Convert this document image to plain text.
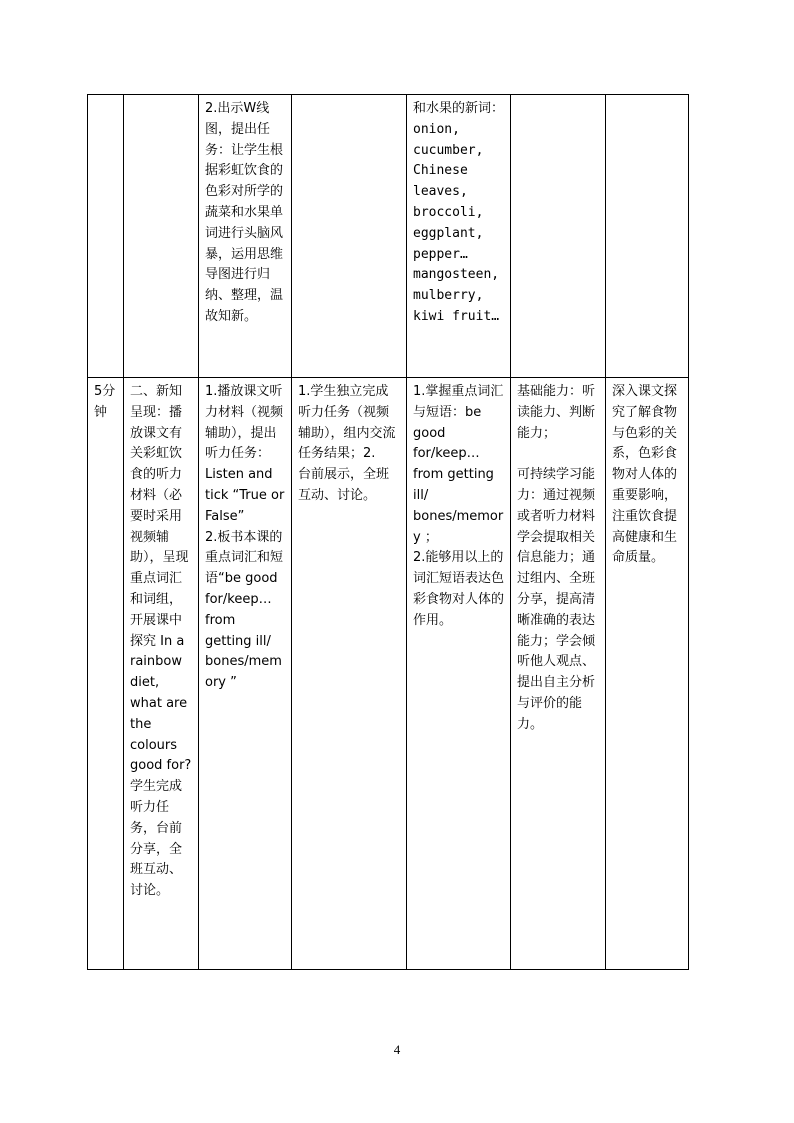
		2.出示W线图，提出任务：让学生根据彩虹饮食的色彩对所学的蔬菜和水果单词进行头脑风暴，运用思维导图进行归纳、整理，温故知新。		和水果的新词：onion, cucumber, Chinese leaves, broccoli, eggplant, pepper… mangosteen, mulberry, kiwi fruit…		

5分钟	二、新知呈现：播放课文有关彩虹饮食的听力材料（必要时采用视频辅助），呈现重点词汇和词组，开展课中探究 In a rainbow diet, what are the colours good for? 学生完成听力任务，台前分享，全班互动、讨论。	1.播放课文听力材料（视频辅助），提出听力任务：Listen and tick “True or False”
2.板书本课的重点词汇和短语“be good for/keep…from getting ill/ bones/memory ”	1.学生独立完成听力任务（视频辅助），组内交流任务结果；2.　台前展示，全班互动、讨论。	1.掌握重点词汇与短语：be good for/keep…from getting ill/ bones/memory ；
2.能够用以上的词汇短语表达色彩食物对人体的作用。	基础能力：听读能力、判断能力；

可持续学习能力：通过视频或者听力材料学会提取相关信息能力；通过组内、全班分享，提高清晰准确的表达能力；学会倾听他人观点、提出自主分析与评价的能力。	深入课文探究了解食物与色彩的关系，色彩食物对人体的重要影响，注重饮食提高健康和生命质量。
4
